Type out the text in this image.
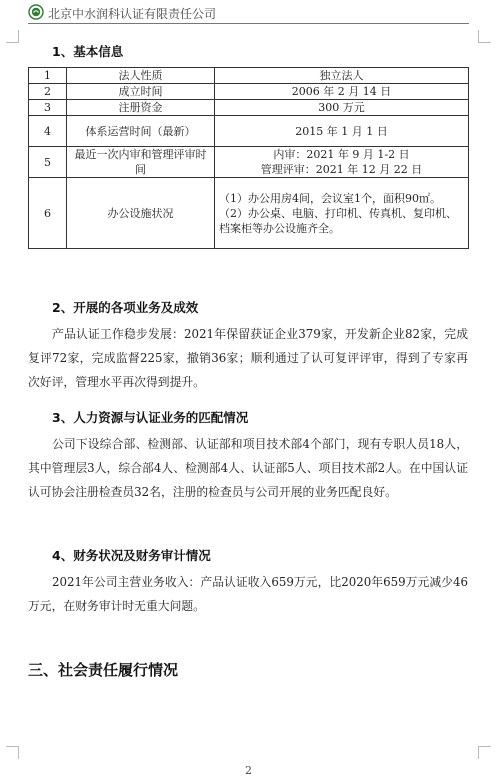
北京中水润科认证有限责任公司
1、基本信息
1	法人性质	独立法人
2	成立时间	2006 年 2 月 14 日
3	注册资金	300 万元
4	体系运营时间（最新）	2015 年 1 月 1 日
5	最近一次内审和管理评审时间	内审：2021 年 9 月 1-2 日
管理评审：2021 年 12 月 22 日

6	办公设施状况	（1）办公用房4间，会议室1个，面积90㎡。
（2）办公桌、电脑、打印机、传真机、复印机、档案柜等办公设施齐全。
2、开展的各项业务及成效
产品认证工作稳步发展：2021年保留获证企业379家，开发新企业82家，完成复评72家，完成监督225家，撤销36家；顺利通过了认可复评评审，得到了专家再次好评，管理水平再次得到提升。
3、人力资源与认证业务的匹配情况
公司下设综合部、检测部、认证部和项目技术部4个部门，现有专职人员18人，其中管理层3人，综合部4人、检测部4人、认证部5人、项目技术部2人。在中国认证认可协会注册检查员32名，注册的检查员与公司开展的业务匹配良好。
4、财务状况及财务审计情况
2021年公司主营业务收入：产品认证收入659万元，比2020年659万元减少46万元，在财务审计时无重大问题。
三、社会责任履行情况
2
